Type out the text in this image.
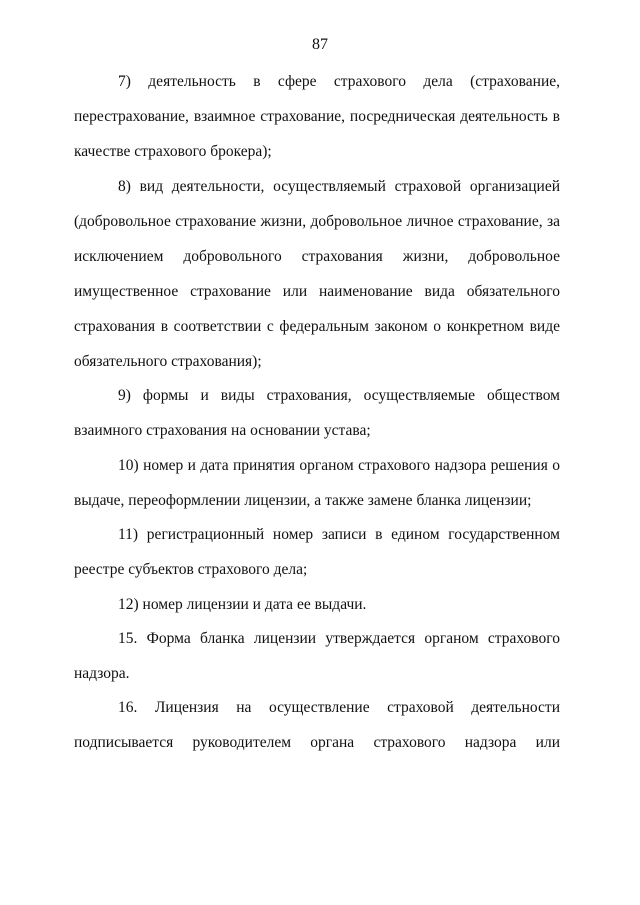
87
7) деятельность в сфере страхового дела (страхование,
перестрахование, взаимное страхование, посредническая деятельность в
качестве страхового брокера);
8) вид деятельности, осуществляемый страховой организацией
(добровольное страхование жизни, добровольное личное страхование, за
исключением добровольного страхования жизни, добровольное
имущественное страхование или наименование вида обязательного
страхования в соответствии с федеральным законом о конкретном виде
обязательного страхования);
9) формы и виды страхования, осуществляемые обществом
взаимного страхования на основании устава;
10) номер и дата принятия органом страхового надзора решения о
выдаче, переоформлении лицензии, а также замене бланка лицензии;
11) регистрационный номер записи в едином государственном
реестре субъектов страхового дела;
12) номер лицензии и дата ее выдачи.
15. Форма бланка лицензии утверждается органом страхового
надзора.
16. Лицензия на осуществление страховой деятельности
подписывается руководителем органа страхового надзора или
